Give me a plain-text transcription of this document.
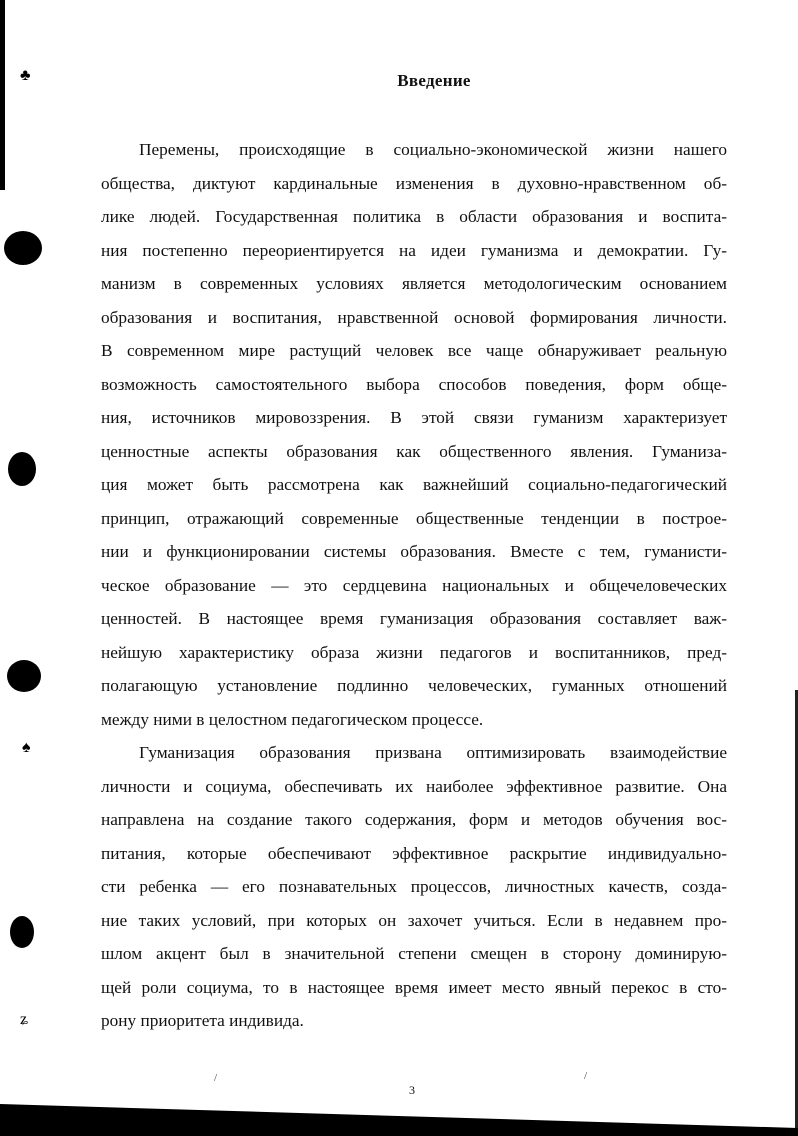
♣
♠
ʑ
/	/
Введение

Перемены, происходящие в социально-экономической жизни нашего
общества, диктуют кардинальные изменения в духовно-нравственном об-
лике людей. Государственная политика в области образования и воспита-
ния постепенно переориентируется на идеи гуманизма и демократии. Гу-
манизм в современных условиях является методологическим основанием
образования и воспитания, нравственной основой формирования личности.
В современном мире растущий человек все чаще обнаруживает реальную
возможность самостоятельного выбора способов поведения, форм обще-
ния, источников мировоззрения. В этой связи гуманизм характеризует
ценностные аспекты образования как общественного явления. Гуманиза-
ция может быть рассмотрена как важнейший социально-педагогический
принцип, отражающий современные общественные тенденции в построе-
нии и функционировании системы образования. Вместе с тем, гуманисти-
ческое образование — это сердцевина национальных и общечеловеческих
ценностей. В настоящее время гуманизация образования составляет важ-
нейшую характеристику образа жизни педагогов и воспитанников, пред-
полагающую установление подлинно человеческих, гуманных отношений
между ними в целостном педагогическом процессе.

Гуманизация образования призвана оптимизировать взаимодействие
личности и социума, обеспечивать их наиболее эффективное развитие. Она
направлена на создание такого содержания, форм и методов обучения вос-
питания, которые обеспечивают эффективное раскрытие индивидуально-
сти ребенка — его познавательных процессов, личностных качеств, созда-
ние таких условий, при которых он захочет учиться. Если в недавнем про-
шлом акцент был в значительной степени смещен в сторону доминирую-
щей роли социума, то в настоящее время имеет место явный перекос в сто-
рону приоритета индивида.

3
